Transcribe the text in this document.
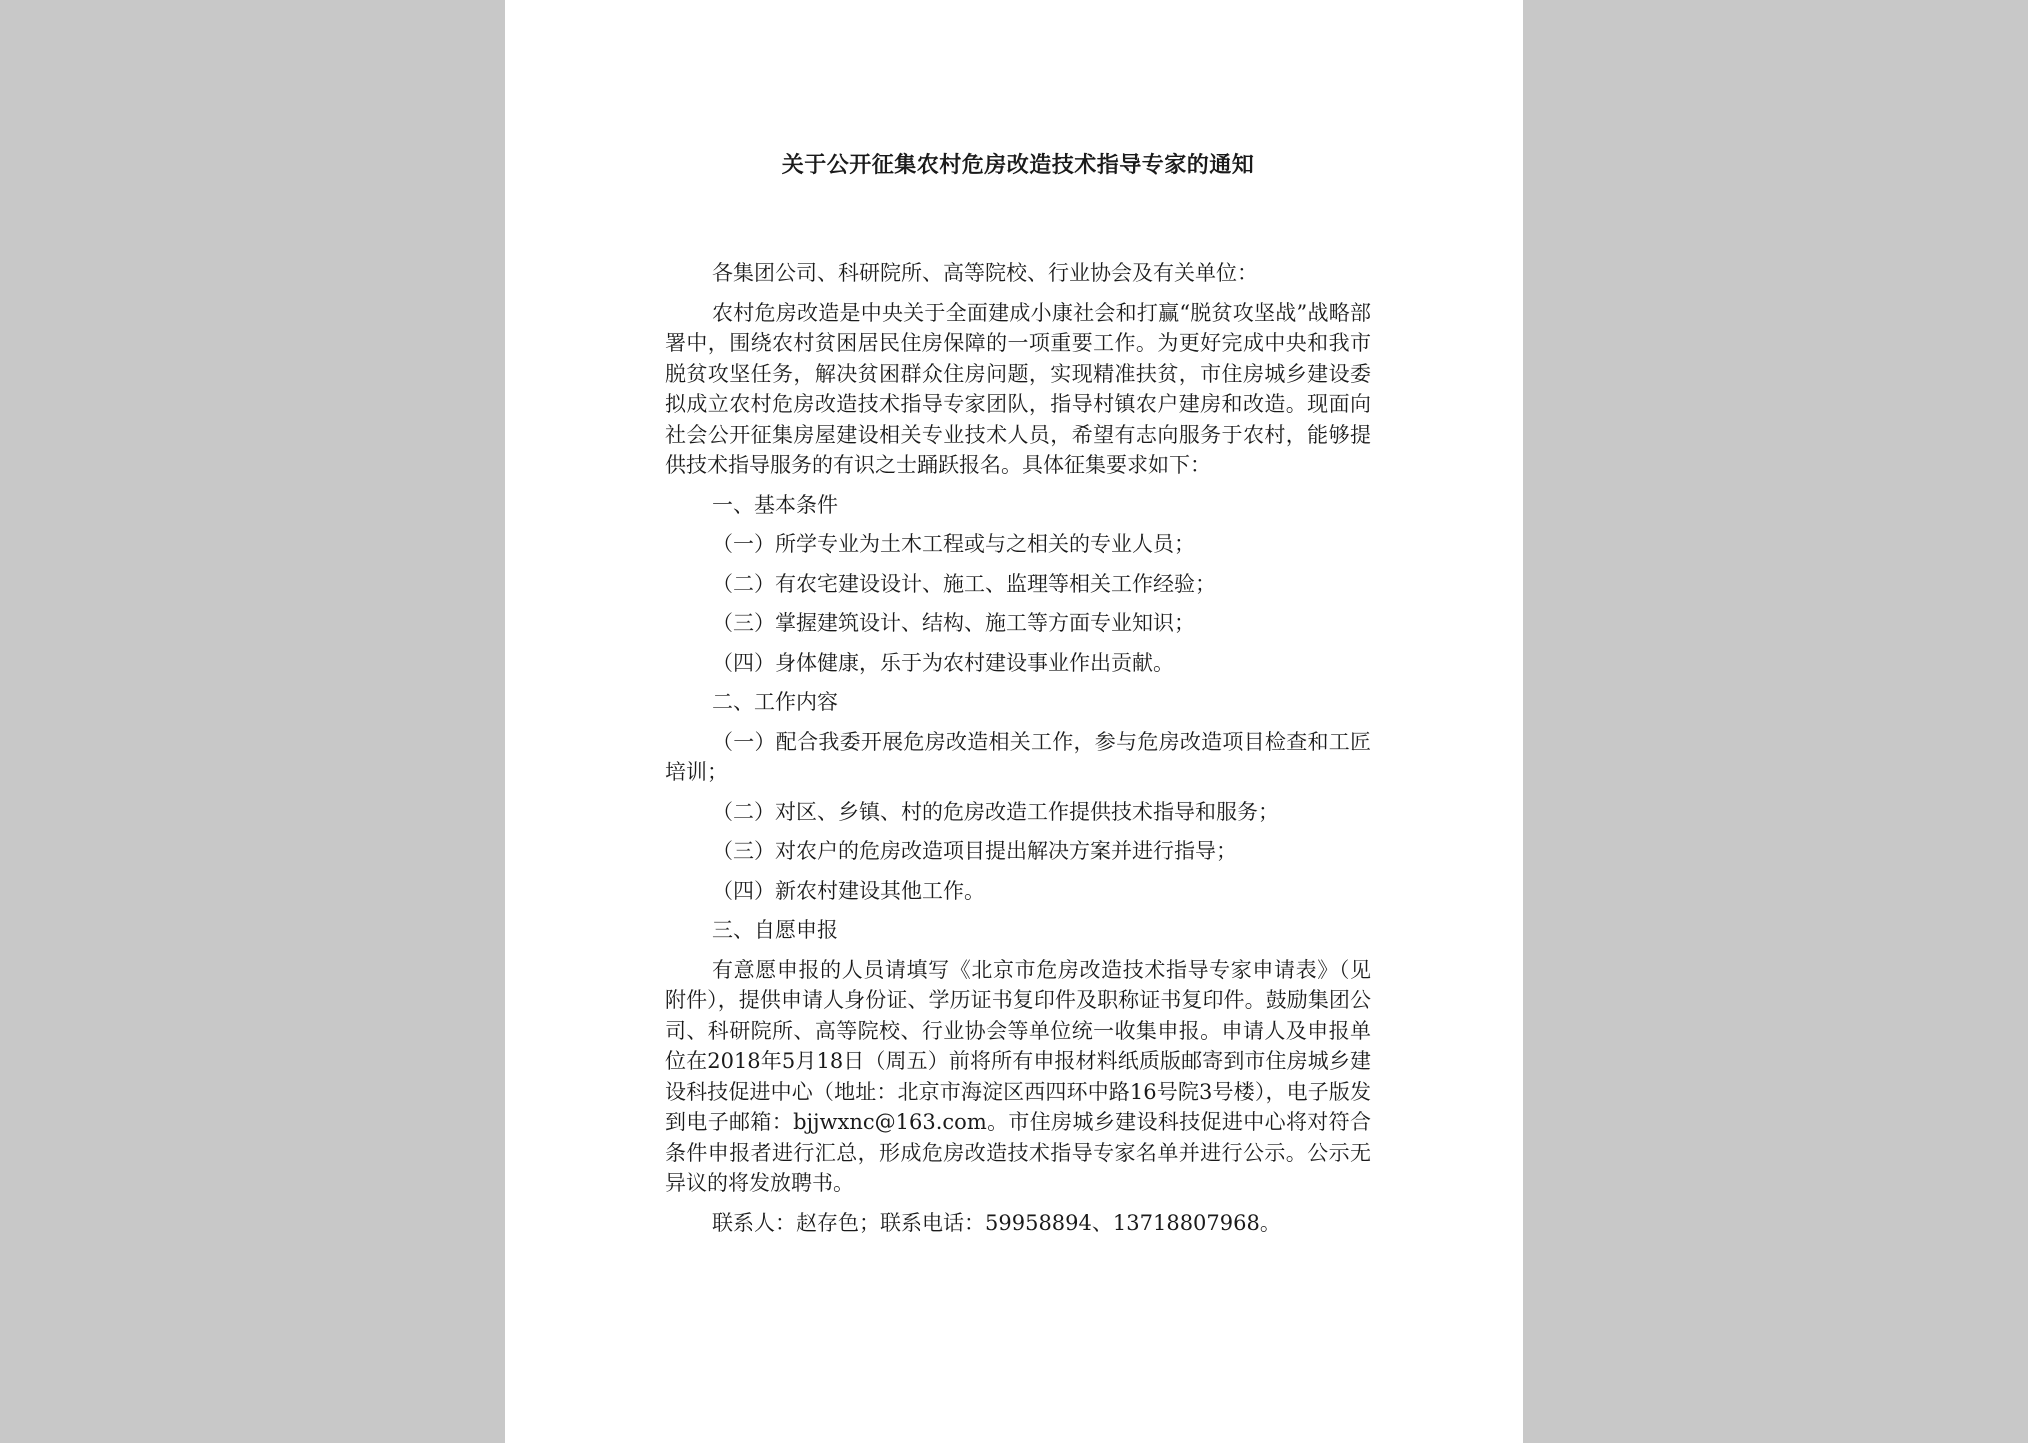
关于公开征集农村危房改造技术指导专家的通知

各集团公司、科研院所、高等院校、行业协会及有关单位：

农村危房改造是中央关于全面建成小康社会和打赢“脱贫攻坚战”战略部署中，围绕农村贫困居民住房保障的一项重要工作。为更好完成中央和我市脱贫攻坚任务，解决贫困群众住房问题，实现精准扶贫，市住房城乡建设委拟成立农村危房改造技术指导专家团队，指导村镇农户建房和改造。现面向社会公开征集房屋建设相关专业技术人员，希望有志向服务于农村，能够提供技术指导服务的有识之士踊跃报名。具体征集要求如下：

一、基本条件

（一）所学专业为土木工程或与之相关的专业人员；

（二）有农宅建设设计、施工、监理等相关工作经验；

（三）掌握建筑设计、结构、施工等方面专业知识；

（四）身体健康，乐于为农村建设事业作出贡献。

二、工作内容

（一）配合我委开展危房改造相关工作，参与危房改造项目检查和工匠培训；

（二）对区、乡镇、村的危房改造工作提供技术指导和服务；

（三）对农户的危房改造项目提出解决方案并进行指导；

（四）新农村建设其他工作。

三、自愿申报

有意愿申报的人员请填写《北京市危房改造技术指导专家申请表》（见附件），提供申请人身份证、学历证书复印件及职称证书复印件。鼓励集团公司、科研院所、高等院校、行业协会等单位统一收集申报。申请人及申报单位在2018年5月18日（周五）前将所有申报材料纸质版邮寄到市住房城乡建设科技促进中心（地址：北京市海淀区西四环中路16号院3号楼），电子版发到电子邮箱：bjjwxnc@163.com。市住房城乡建设科技促进中心将对符合条件申报者进行汇总，形成危房改造技术指导专家名单并进行公示。公示无异议的将发放聘书。

联系人：赵存色；联系电话：59958894、13718807968。
